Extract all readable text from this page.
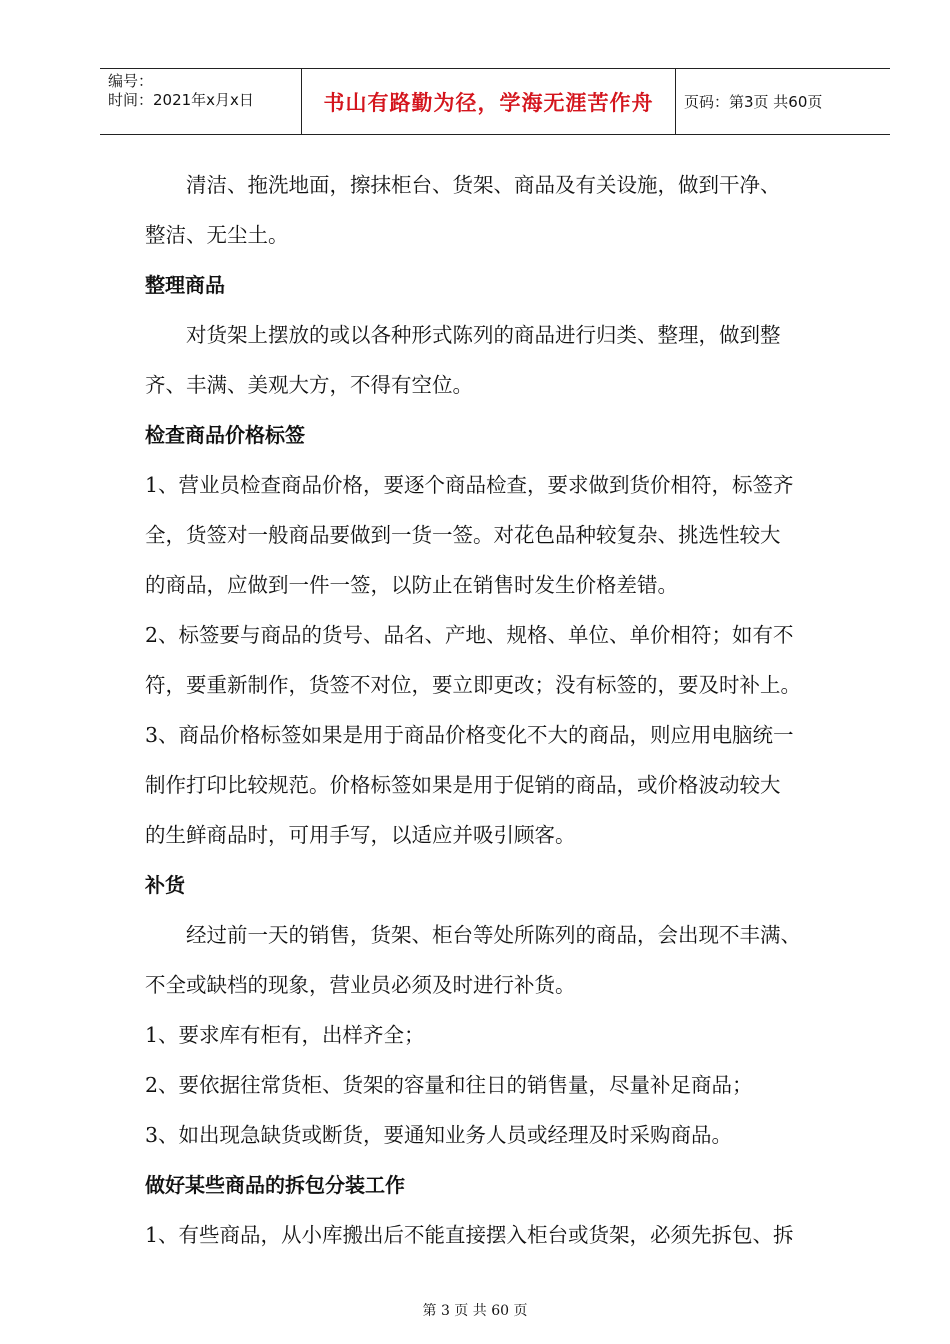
编号：
时间：2021年x月x日	书山有路勤为径，学海无涯苦作舟	页码：第3页 共60页

清洁、拖洗地面，擦抹柜台、货架、商品及有关设施，做到干净、
整洁、无尘土。

整理商品

对货架上摆放的或以各种形式陈列的商品进行归类、整理，做到整
齐、丰满、美观大方，不得有空位。

检查商品价格标签

1、营业员检查商品价格，要逐个商品检查，要求做到货价相符，标签齐
全，货签对一般商品要做到一货一签。对花色品种较复杂、挑选性较大
的商品，应做到一件一签，以防止在销售时发生价格差错。

2、标签要与商品的货号、品名、产地、规格、单位、单价相符；如有不
符，要重新制作，货签不对位，要立即更改；没有标签的，要及时补上。

3、商品价格标签如果是用于商品价格变化不大的商品，则应用电脑统一
制作打印比较规范。价格标签如果是用于促销的商品，或价格波动较大
的生鲜商品时，可用手写，以适应并吸引顾客。

补货

经过前一天的销售，货架、柜台等处所陈列的商品，会出现不丰满、
不全或缺档的现象，营业员必须及时进行补货。

1、要求库有柜有，出样齐全；

2、要依据往常货柜、货架的容量和往日的销售量，尽量补足商品；

3、如出现急缺货或断货，要通知业务人员或经理及时采购商品。

做好某些商品的拆包分装工作

1、有些商品，从小库搬出后不能直接摆入柜台或货架，必须先拆包、拆

第 3 页 共 60 页
